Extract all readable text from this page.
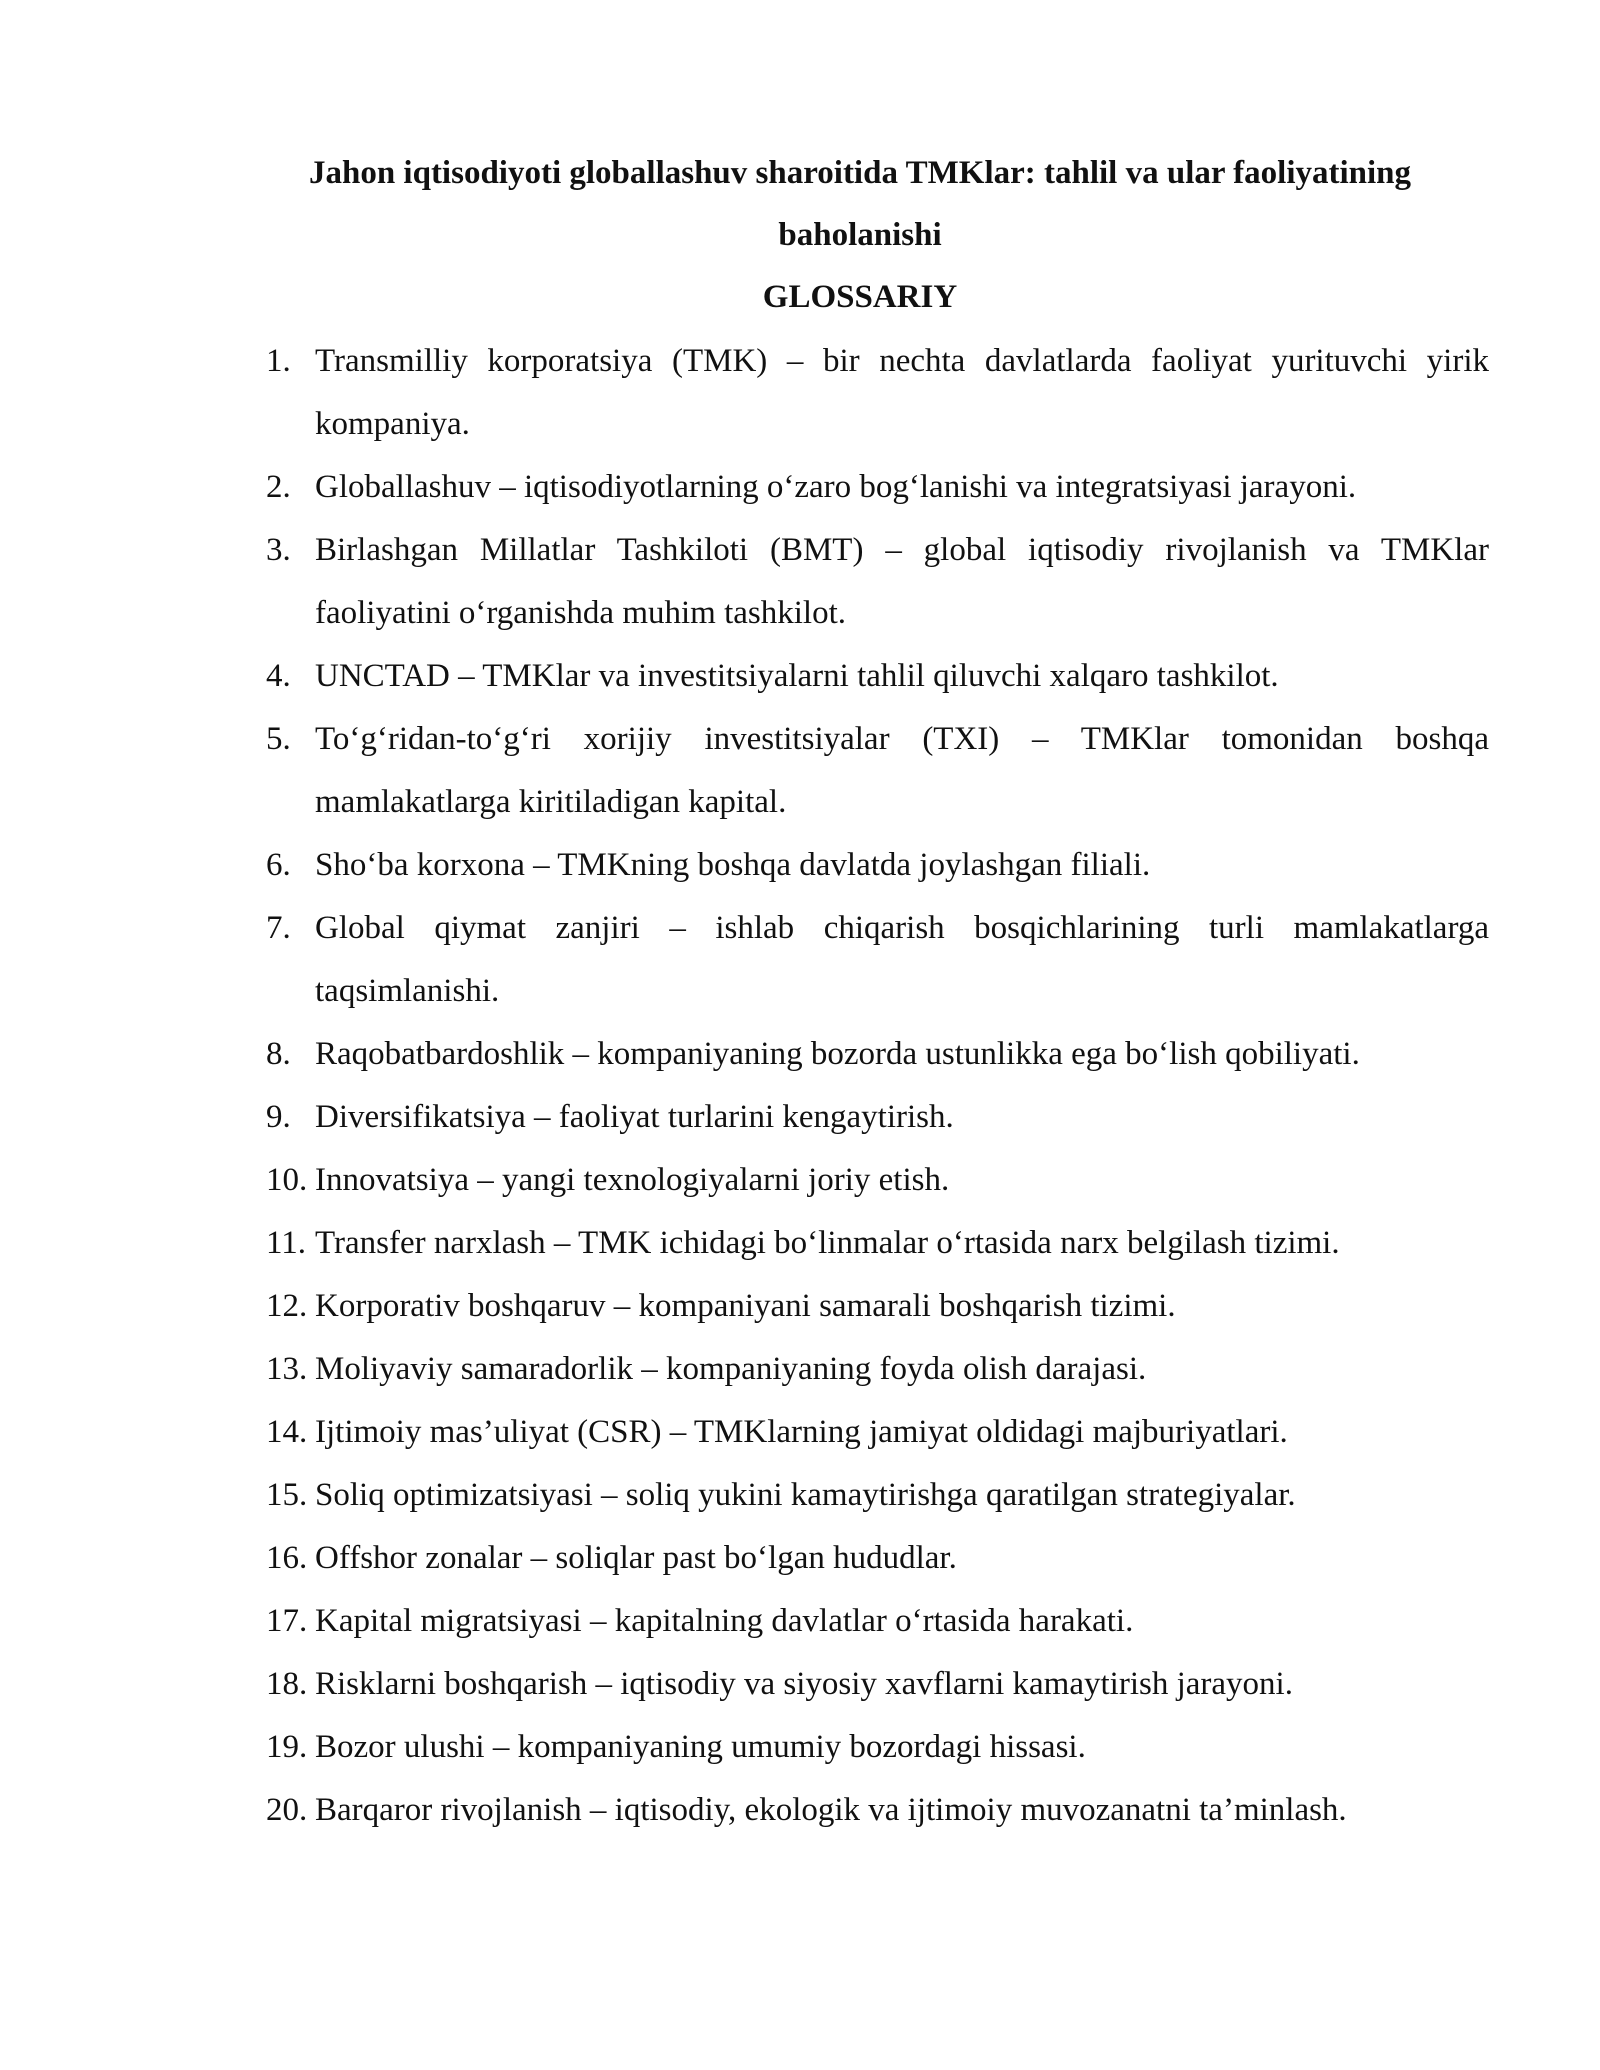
Jahon iqtisodiyoti globallashuv sharoitida TMKlar: tahlil va ular faoliyatining baholanishi
GLOSSARIY
1. Transmilliy korporatsiya (TMK) – bir nechta davlatlarda faoliyat yurituvchi yirik kompaniya.
2. Globallashuv – iqtisodiyotlarning o‘zaro bog‘lanishi va integratsiyasi jarayoni.
3. Birlashgan Millatlar Tashkiloti (BMT) – global iqtisodiy rivojlanish va TMKlar faoliyatini o‘rganishda muhim tashkilot.
4. UNCTAD – TMKlar va investitsiyalarni tahlil qiluvchi xalqaro tashkilot.
5. To‘g‘ridan-to‘g‘ri xorijiy investitsiyalar (TXI) – TMKlar tomonidan boshqa mamlakatlarga kiritiladigan kapital.
6. Sho‘ba korxona – TMKning boshqa davlatda joylashgan filiali.
7. Global qiymat zanjiri – ishlab chiqarish bosqichlarining turli mamlakatlarga taqsimlanishi.
8. Raqobatbardoshlik – kompaniyaning bozorda ustunlikka ega bo‘lish qobiliyati.
9. Diversifikatsiya – faoliyat turlarini kengaytirish.
10. Innovatsiya – yangi texnologiyalarni joriy etish.
11. Transfer narxlash – TMK ichidagi bo‘linmalar o‘rtasida narx belgilash tizimi.
12. Korporativ boshqaruv – kompaniyani samarali boshqarish tizimi.
13. Moliyaviy samaradorlik – kompaniyaning foyda olish darajasi.
14. Ijtimoiy mas’uliyat (CSR) – TMKlarning jamiyat oldidagi majburiyatlari.
15. Soliq optimizatsiyasi – soliq yukini kamaytirishga qaratilgan strategiyalar.
16. Offshor zonalar – soliqlar past bo‘lgan hududlar.
17. Kapital migratsiyasi – kapitalning davlatlar o‘rtasida harakati.
18. Risklarni boshqarish – iqtisodiy va siyosiy xavflarni kamaytirish jarayoni.
19. Bozor ulushi – kompaniyaning umumiy bozordagi hissasi.
20. Barqaror rivojlanish – iqtisodiy, ekologik va ijtimoiy muvozanatni ta’minlash.
